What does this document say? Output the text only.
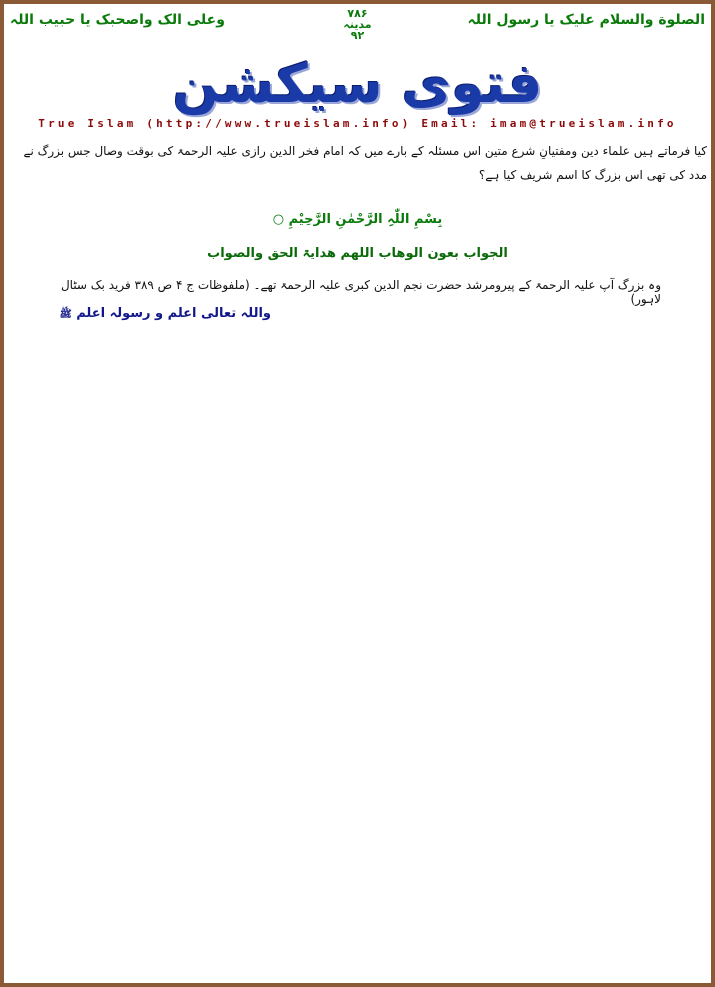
الصلوة والسلام علیک یا رسول اللہ
۷۸۶
مدینہ
۹۲
وعلی الک واصحبک یا حبیب اللہ
فتوی سیکشن
True Islam (http://www.trueislam.info) Email: imam@trueislam.info
کیا فرماتے ہیں علماء دین ومفتیانِ شرع متین اس مسئلہ کے بارے میں کہ امام فخر الدین رازی علیہ الرحمۃ کی بوقت وصال جس بزرگ نے مدد کی تھی اس بزرگ کا اسم شریف کیا ہے؟
بِسْمِ اللّٰہِ الرَّحْمٰنِ الرَّحِیْمِ ○
الجواب بعون الوھاب اللھم ھدایۃ الحق والصواب
وہ بزرگ آپ علیہ الرحمۃ کے پیرومرشد حضرت نجم الدین کبری علیہ الرحمۃ تھے۔ (ملفوظات ج ۴ ص ۳۸۹ فرید بک سٹال لاہور)
واللہ تعالی اعلم و رسولہ اعلم ﷺ
